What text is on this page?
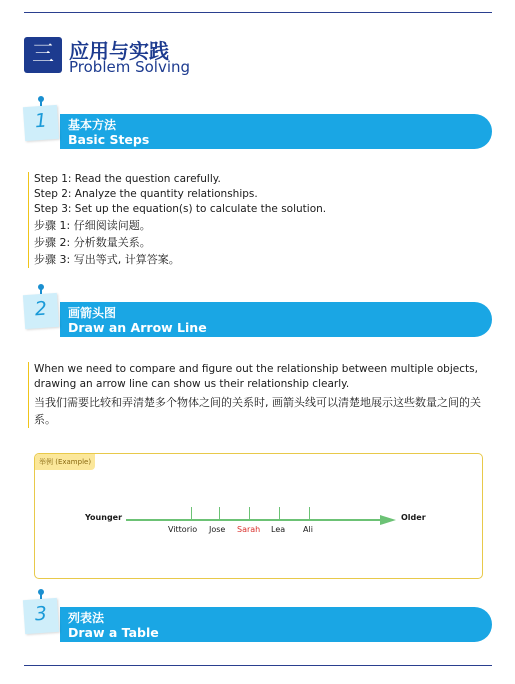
三 应用与实践
Problem Solving
基本方法
Basic Steps
1
Step 1: Read the question carefully.
Step 2: Analyze the quantity relationships.
Step 3: Set up the equation(s) to calculate the solution.
步骤 1: 仔细阅读问题。
步骤 2: 分析数量关系。
步骤 3: 写出等式, 计算答案。
画箭头图
Draw an Arrow Line
2
When we need to compare and figure out the relationship between multiple objects, drawing an arrow line can show us their relationship clearly.
当我们需要比较和弄清楚多个物体之间的关系时, 画箭头线可以清楚地展示这些数量之间的关系。
举例 (Example)
Younger	Older
Vittorio Jose Sarah Lea Ali
列表法
Draw a Table
3
